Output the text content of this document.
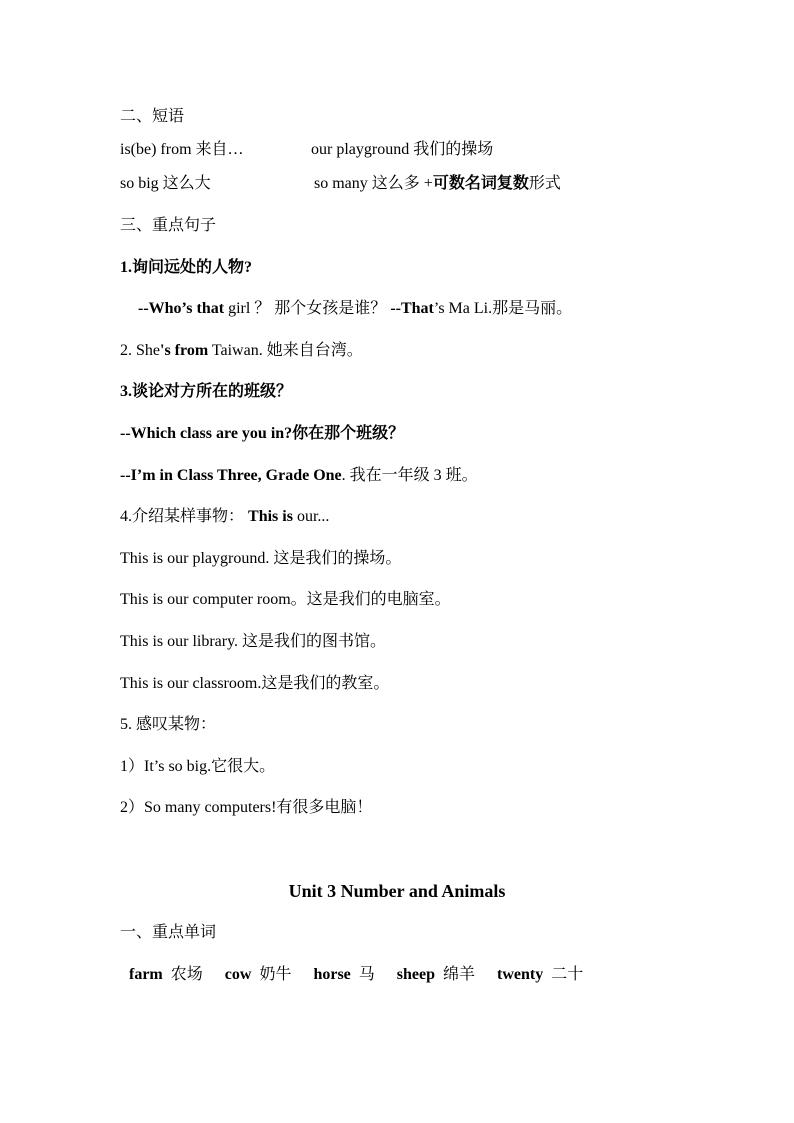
二、短语
is(be) from 来自…	our playground 我们的操场
so big 这么大	so many 这么多 +可数名词复数形式
三、重点句子
1.询问远处的人物?
--Who’s that girl ？ 那个女孩是谁？ --That’s Ma Li.那是马丽。
2. She's from Taiwan. 她来自台湾。
3.谈论对方所在的班级？
--Which class are you in?你在那个班级？
--I’m in Class Three, Grade One. 我在一年级 3 班。
4.介绍某样事物： This is our...
This is our playground. 这是我们的操场。
This is our computer room。这是我们的电脑室。
This is our library. 这是我们的图书馆。
This is our classroom.这是我们的教室。
5. 感叹某物：
1）It’s so big.它很大。
2）So many computers!有很多电脑！
Unit 3 Number and Animals
一、重点单词
farm 农场 cow 奶牛 horse 马 sheep 绵羊 twenty 二十
